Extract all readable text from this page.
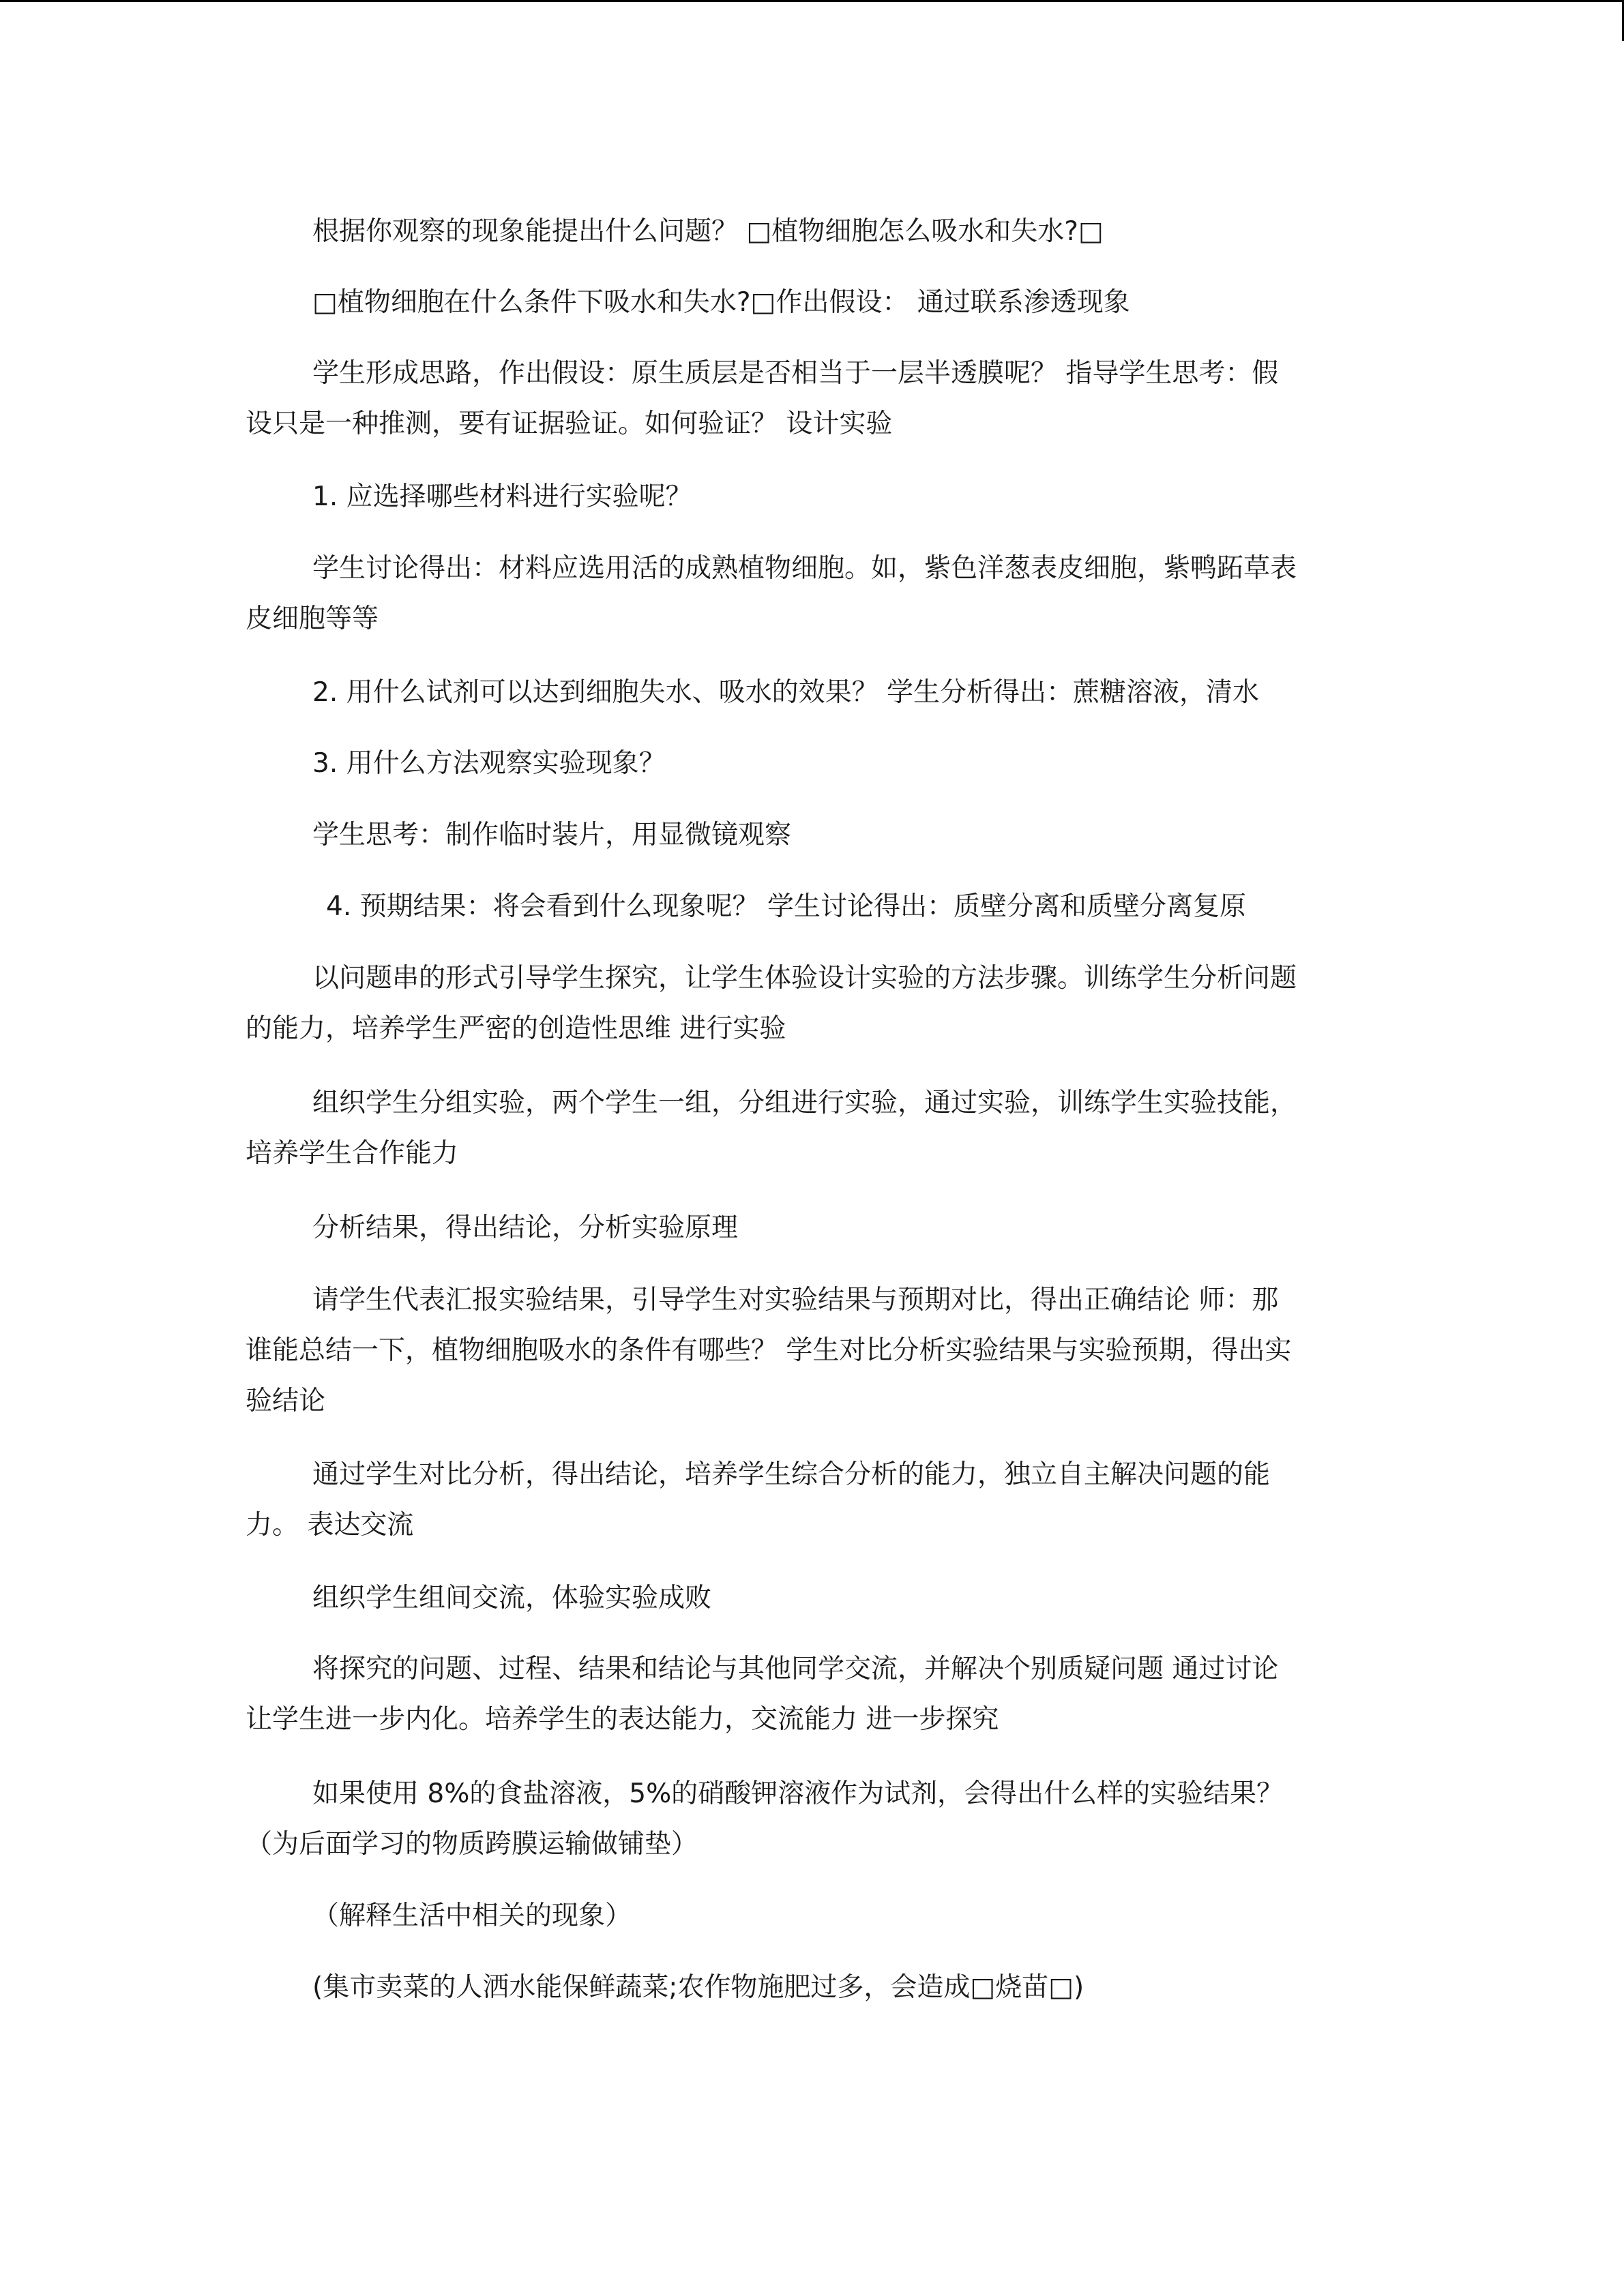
根据你观察的现象能提出什么问题？ □植物细胞怎么吸水和失水?□

□植物细胞在什么条件下吸水和失水?□作出假设： 通过联系渗透现象

学生形成思路，作出假设：原生质层是否相当于一层半透膜呢？ 指导学生思考：假
设只是一种推测，要有证据验证。如何验证？ 设计实验

1. 应选择哪些材料进行实验呢？

学生讨论得出：材料应选用活的成熟植物细胞。如，紫色洋葱表皮细胞，紫鸭跖草表
皮细胞等等

2. 用什么试剂可以达到细胞失水、吸水的效果？ 学生分析得出：蔗糖溶液，清水

3. 用什么方法观察实验现象？

学生思考：制作临时装片，用显微镜观察

4. 预期结果：将会看到什么现象呢？ 学生讨论得出：质壁分离和质壁分离复原

以问题串的形式引导学生探究，让学生体验设计实验的方法步骤。训练学生分析问题
的能力，培养学生严密的创造性思维 进行实验

组织学生分组实验，两个学生一组，分组进行实验，通过实验，训练学生实验技能，
培养学生合作能力

分析结果，得出结论，分析实验原理

请学生代表汇报实验结果，引导学生对实验结果与预期对比，得出正确结论 师：那
谁能总结一下，植物细胞吸水的条件有哪些？ 学生对比分析实验结果与实验预期，得出实
验结论

通过学生对比分析，得出结论，培养学生综合分析的能力，独立自主解决问题的能
力。 表达交流

组织学生组间交流，体验实验成败

将探究的问题、过程、结果和结论与其他同学交流，并解决个别质疑问题 通过讨论
让学生进一步内化。培养学生的表达能力，交流能力 进一步探究

如果使用 8%的食盐溶液，5%的硝酸钾溶液作为试剂，会得出什么样的实验结果？
（为后面学习的物质跨膜运输做铺垫）

（解释生活中相关的现象）

(集市卖菜的人洒水能保鲜蔬菜;农作物施肥过多，会造成□烧苗□)
